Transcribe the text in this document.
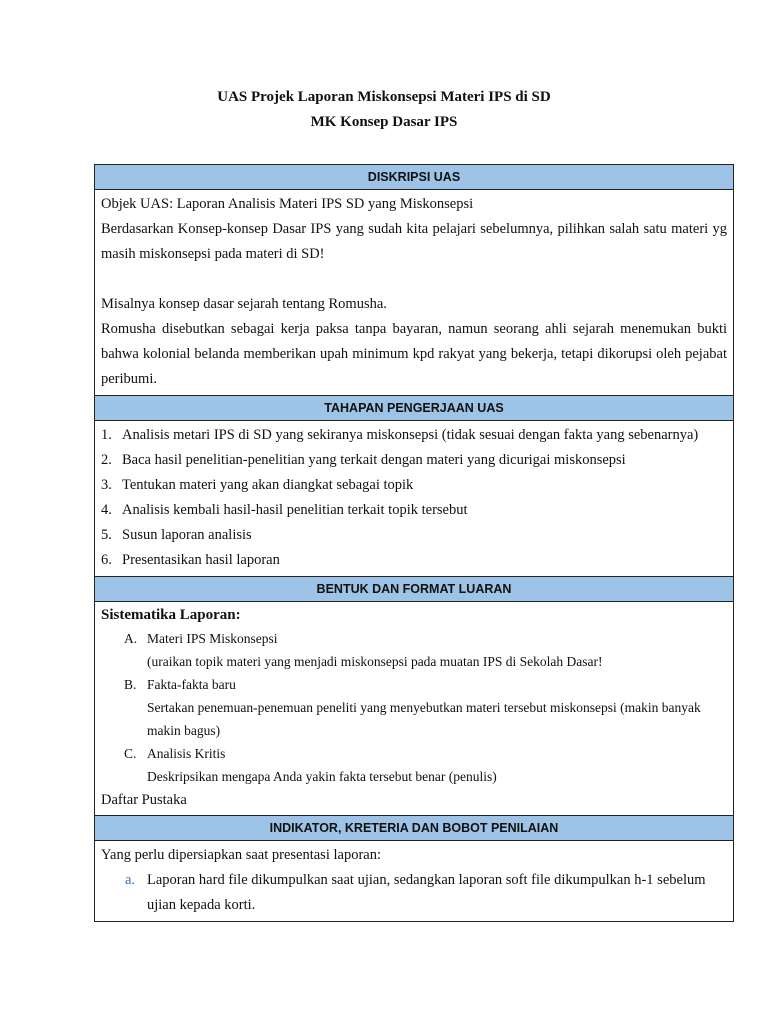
UAS Projek Laporan Miskonsepsi Materi IPS di SD
MK Konsep Dasar IPS
DISKRIPSI UAS
Objek UAS: Laporan Analisis Materi IPS SD yang Miskonsepsi
Berdasarkan Konsep-konsep Dasar IPS yang sudah kita pelajari sebelumnya, pilihkan salah satu materi yg masih miskonsepsi pada materi di SD!
Misalnya konsep dasar sejarah tentang Romusha.
Romusha disebutkan sebagai kerja paksa tanpa bayaran, namun seorang ahli sejarah menemukan bukti bahwa kolonial belanda memberikan upah minimum kpd rakyat yang bekerja, tetapi dikorupsi oleh pejabat peribumi.
TAHAPAN PENGERJAAN UAS
1. Analisis metari IPS di SD yang sekiranya miskonsepsi (tidak sesuai dengan fakta yang sebenarnya)
2. Baca hasil penelitian-penelitian yang terkait dengan materi yang dicurigai miskonsepsi
3. Tentukan materi yang akan diangkat sebagai topik
4. Analisis kembali hasil-hasil penelitian terkait topik tersebut
5. Susun laporan analisis
6. Presentasikan hasil laporan
BENTUK DAN FORMAT LUARAN
Sistematika Laporan:
A. Materi IPS Miskonsepsi
(uraikan topik materi yang menjadi miskonsepsi pada muatan IPS di Sekolah Dasar!
B. Fakta-fakta baru
Sertakan penemuan-penemuan peneliti yang menyebutkan materi tersebut miskonsepsi (makin banyak makin bagus)
C. Analisis Kritis
Deskripsikan mengapa Anda yakin fakta tersebut benar (penulis)
Daftar Pustaka
INDIKATOR, KRETERIA DAN BOBOT PENILAIAN
Yang perlu dipersiapkan saat presentasi laporan:
a. Laporan hard file dikumpulkan saat ujian, sedangkan laporan soft file dikumpulkan h-1 sebelum ujian kepada korti.
